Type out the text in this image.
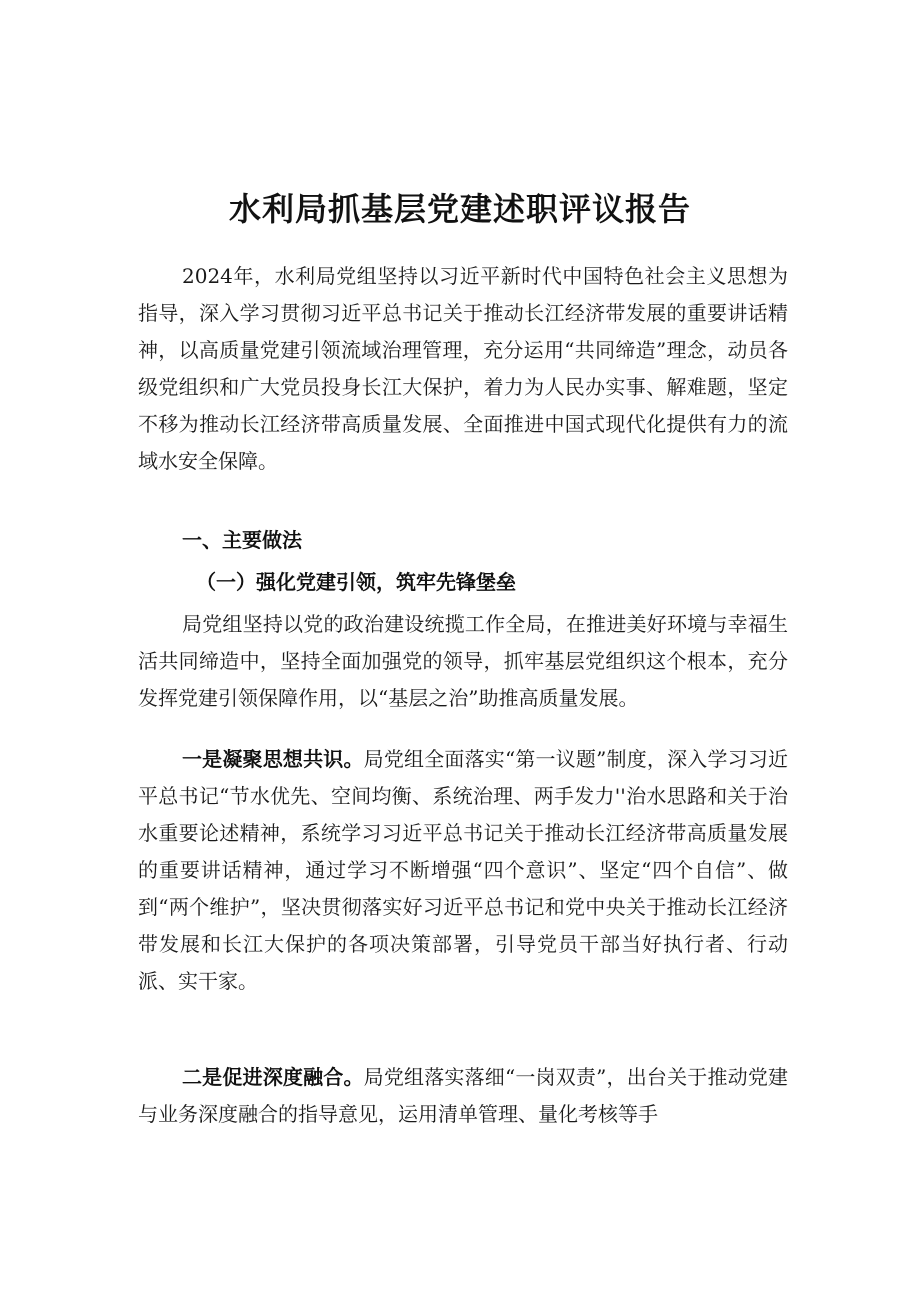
水利局抓基层党建述职评议报告

2024年，水利局党组坚持以习近平新时代中国特色社会主义思想为指导，深入学习贯彻习近平总书记关于推动长江经济带发展的重要讲话精神，以高质量党建引领流域治理管理，充分运用“共同缔造”理念，动员各级党组织和广大党员投身长江大保护，着力为人民办实事、解难题，坚定不移为推动长江经济带高质量发展、全面推进中国式现代化提供有力的流域水安全保障。

一、主要做法
（一）强化党建引领，筑牢先锋堡垒

局党组坚持以党的政治建设统揽工作全局，在推进美好环境与幸福生活共同缔造中，坚持全面加强党的领导，抓牢基层党组织这个根本，充分发挥党建引领保障作用，以“基层之治”助推高质量发展。

一是凝聚思想共识。局党组全面落实“第一议题”制度，深入学习习近平总书记“节水优先、空间均衡、系统治理、两手发力''治水思路和关于治水重要论述精神，系统学习习近平总书记关于推动长江经济带高质量发展的重要讲话精神，通过学习不断增强“四个意识”、坚定“四个自信”、做到“两个维护”，坚决贯彻落实好习近平总书记和党中央关于推动长江经济带发展和长江大保护的各项决策部署，引导党员干部当好执行者、行动派、实干家。

二是促进深度融合。局党组落实落细“一岗双责”，出台关于推动党建与业务深度融合的指导意见，运用清单管理、量化考核等手
